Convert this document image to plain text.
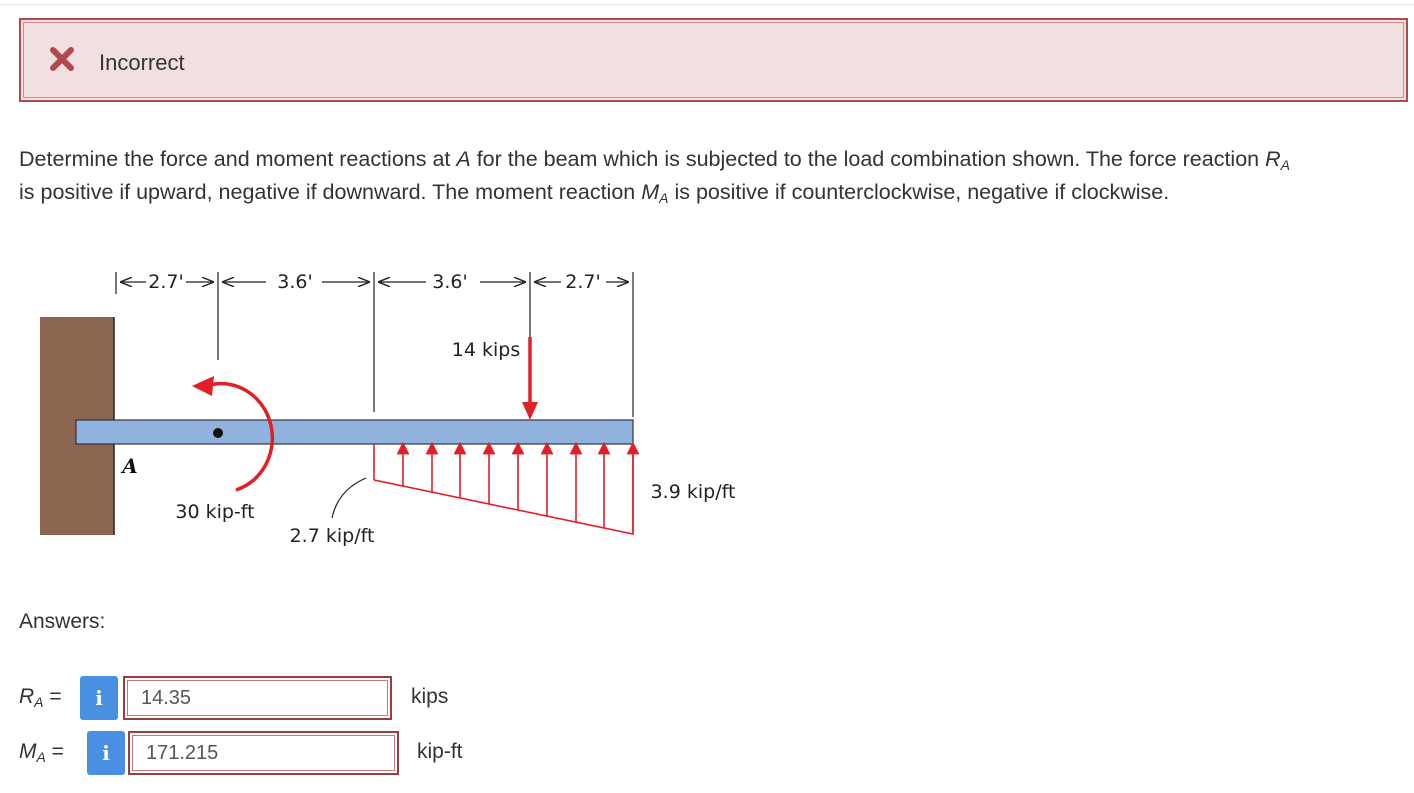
Incorrect
Determine the force and moment reactions at A for the beam which is subjected to the load combination shown. The force reaction $R_A$
is positive if upward, negative if downward. The moment reaction $M_A$ is positive if counterclockwise, negative if clockwise.
2.7'	3.6'	3.6'	2.7'
14 kips
A
30 kip-ft
2.7 kip/ft
3.9 kip/ft
Answers:
$R_A = i$
14.35	kips
$M_A = i$
171.215	kip-ft
